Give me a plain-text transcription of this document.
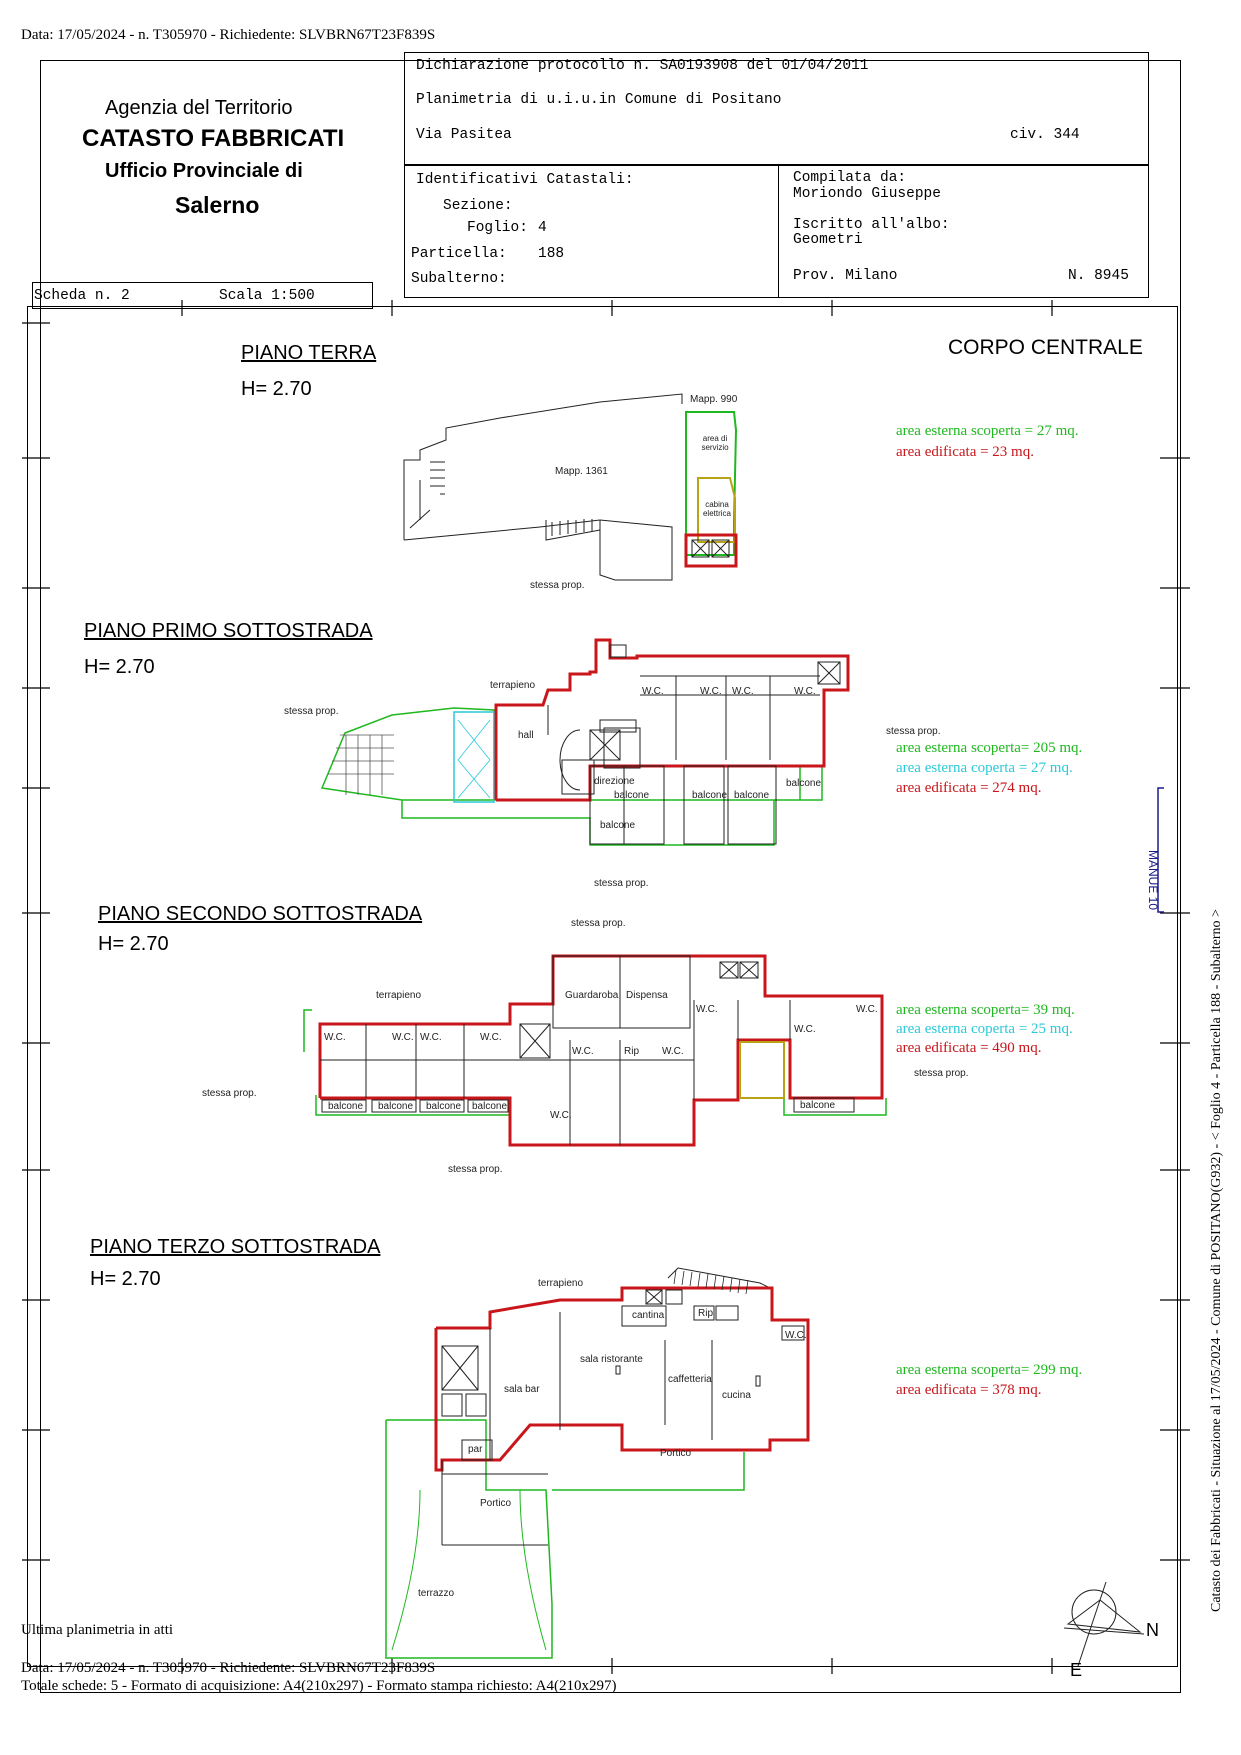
Data: 17/05/2024 - n. T305970 - Richiedente: SLVBRN67T23F839S
Agenzia del Territorio
CATASTO FABBRICATI
Ufficio Provinciale di
Salerno
Dichiarazione protocollo n. SA0193908 del 01/04/2011
Planimetria di u.i.u.in Comune di Positano
Via Pasitea	civ. 344
Identificativi Catastali:
Sezione:
Foglio: 4
Particella: 188
Subalterno:
Compilata da:
Moriondo Giuseppe
Iscritto all'albo:
Geometri
Prov. Milano	N. 8945
Scheda n. 2	Scala 1:500
CORPO CENTRALE
PIANO TERRA
H= 2.70	Mapp. 990
Mapp. 1361
area di servizio
cabina elettrica
stessa prop.
area esterna scoperta = 27 mq.
area edificata = 23 mq.
PIANO PRIMO SOTTOSTRADA
H= 2.70
terrapieno
hall
direzione
W.C.	W.C. W.C.	W.C.
balcone	balcone balcone
balcone
balcone
stessa prop.
stessa prop.
stessa prop.
area esterna scoperta= 205 mq.
area esterna coperta = 27 mq.
area edificata = 274 mq.
MANUE 10
PIANO SECONDO SOTTOSTRADA
H= 2.70
stessa prop.
terrapieno	Guardaroba Dispensa
Rip
W.C.	W.C. W.C.	W.C.
W.C.	W.C.
W.C.
W.C.
W.C.
W.C.
balcone balcone balcone balcone	balcone
stessa prop.
stessa prop.
stessa prop.
area esterna scoperta= 39 mq.
area esterna coperta = 25 mq.
area edificata = 490 mq.
PIANO TERZO SOTTOSTRADA
H= 2.70	terrapieno
cantina	Rip
sala bar
sala ristorante
caffetteria
cucina
W.C.
par	Portico
Portico
terrazzo
area esterna scoperta= 299 mq.
area edificata = 378 mq.
N
E
Catasto dei Fabbricati - Situazione al 17/05/2024 - Comune di POSITANO(G932) - < Foglio 4 - Particella 188 - Subalterno >
Ultima planimetria in atti
Data: 17/05/2024 - n. T305970 - Richiedente: SLVBRN67T23F839S
Totale schede: 5 - Formato di acquisizione: A4(210x297) - Formato stampa richiesto: A4(210x297)
